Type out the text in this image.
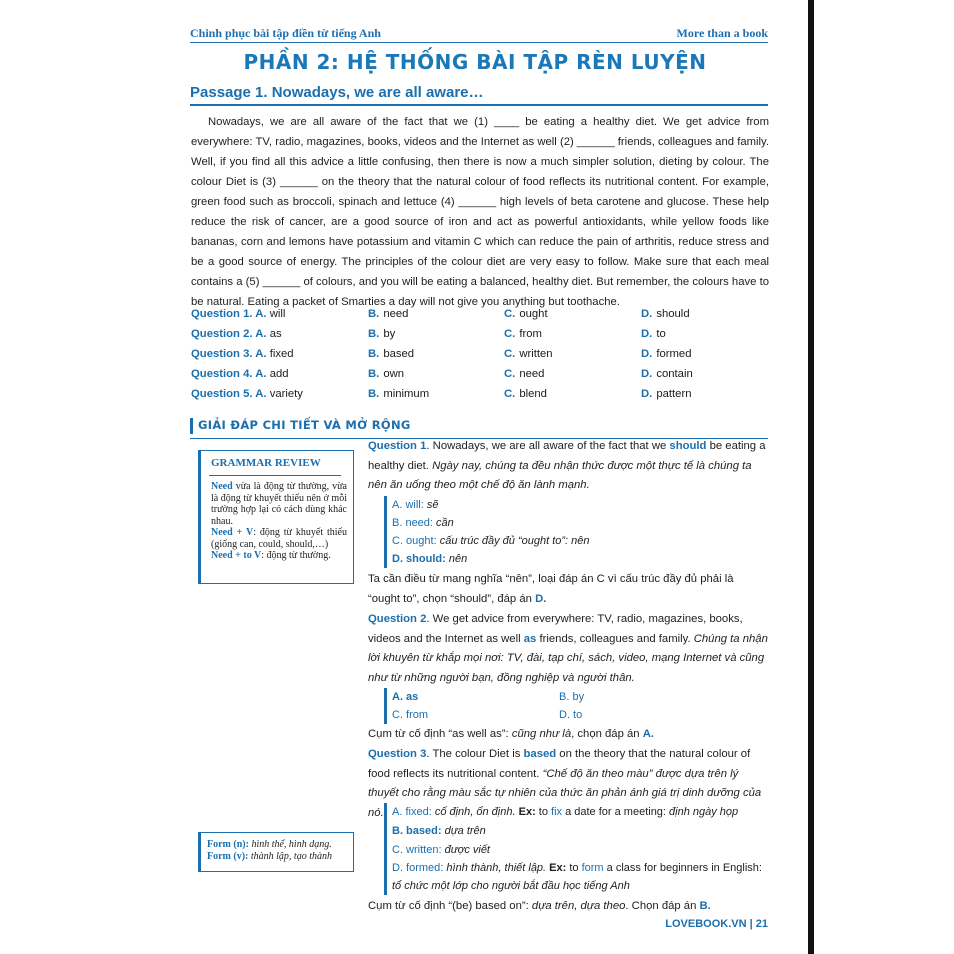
Chinh phục bài tập điền từ tiếng Anh	More than a book
PHẦN 2: HỆ THỐNG BÀI TẬP RÈN LUYỆN
Passage 1. Nowadays, we are all aware…
Nowadays, we are all aware of the fact that we (1) ____ be eating a healthy diet. We get advice from everywhere: TV, radio, magazines, books, videos and the Internet as well (2) ______ friends, colleagues and family. Well, if you find all this advice a little confusing, then there is now a much simpler solution, dieting by colour. The colour Diet is (3) ______ on the theory that the natural colour of food reflects its nutritional content. For example, green food such as broccoli, spinach and lettuce (4) ______ high levels of beta carotene and glucose. These help reduce the risk of cancer, are a good source of iron and act as powerful antioxidants, while yellow foods like bananas, corn and lemons have potassium and vitamin C which can reduce the pain of arthritis, reduce stress and be a good source of energy. The principles of the colour diet are very easy to follow. Make sure that each meal contains a (5) ______ of colours, and you will be eating a balanced, healthy diet. But remember, the colours have to be natural. Eating a packet of Smarties a day will not give you anything but toothache.
Question 1. A. will	B. need	C. ought	D. should
Question 2. A. as	B. by	C. from	D. to
Question 3. A. fixed	B. based	C. written	D. formed
Question 4. A. add	B. own	C. need	D. contain
Question 5. A. variety	B. minimum	C. blend	D. pattern
GIẢI ĐÁP CHI TIẾT VÀ MỞ RỘNG
GRAMMAR REVIEW
Need vừa là động từ thường, vừa là động từ khuyết thiếu nên ở mỗi trường hợp lại có cách dùng khác nhau.
Need + V: động từ khuyết thiếu (giống can, could, should,…)
Need + to V: động từ thường.
Form (n): hình thể, hình dạng.
Form (v): thành lập, tạo thành
Question 1. Nowadays, we are all aware of the fact that we should be eating a healthy diet. Ngày nay, chúng ta đều nhận thức được một thực tế là chúng ta nên ăn uống theo một chế độ ăn lành mạnh.
A. will: sẽ
B. need: cần
C. ought: cấu trúc đầy đủ “ought to”: nên
D. should: nên
Ta cần điều từ mang nghĩa “nên”, loại đáp án C vì cấu trúc đầy đủ phải là “ought to”, chọn “should”, đáp án D.
Question 2. We get advice from everywhere: TV, radio, magazines, books, videos and the Internet as well as friends, colleagues and family. Chúng ta nhận lời khuyên từ khắp mọi nơi: TV, đài, tạp chí, sách, video, mạng Internet và cũng như từ những người bạn, đồng nghiệp và người thân.
A. as	B. by
C. from	D. to
Cụm từ cố định “as well as”: cũng như là, chọn đáp án A.
Question 3. The colour Diet is based on the theory that the natural colour of food reflects its nutritional content. “Chế độ ăn theo màu” được dựa trên lý thuyết cho rằng màu sắc tự nhiên của thức ăn phản ánh giá trị dinh dưỡng của nó. A. fixed: cố định, ổn định. Ex: to fix a date for a meeting: định ngày họp
B. based: dựa trên
C. written: được viết
D. formed: hình thành, thiết lập. Ex: to form a class for beginners in English: tổ chức một lớp cho người bắt đầu học tiếng Anh
Cụm từ cố định “(be) based on”: dựa trên, dựa theo. Chọn đáp án B.
LOVEBOOK.VN | 21
